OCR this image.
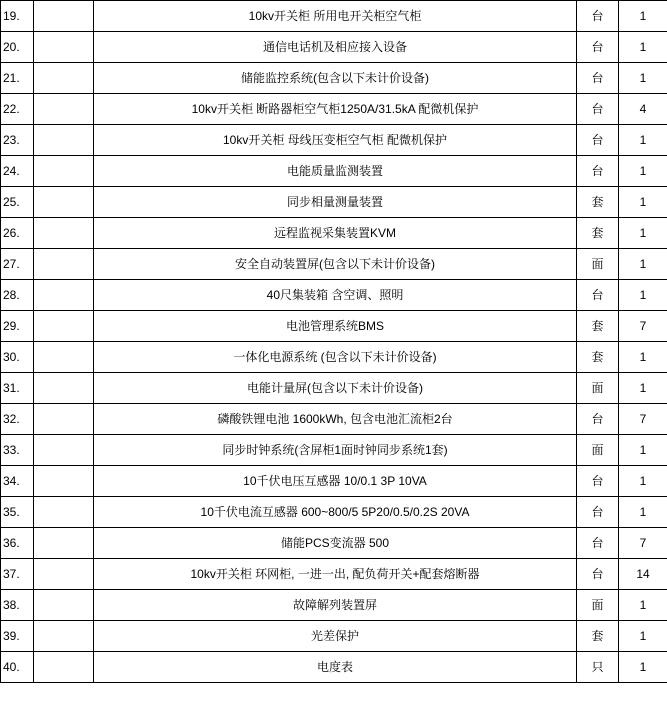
19.		10kv开关柜 所用电开关柜空气柜	台	1
20.		通信电话机及相应接入设备	台	1
21.		储能监控系统(包含以下未计价设备)	台	1
22.		10kv开关柜 断路器柜空气柜1250A/31.5kA 配微机保护	台	4
23.		10kv开关柜 母线压变柜空气柜 配微机保护	台	1
24.		电能质量监测装置	台	1
25.		同步相量测量装置	套	1
26.		远程监视采集装置KVM	套	1
27.		安全自动装置屏(包含以下未计价设备)	面	1
28.		40尺集装箱 含空调、照明	台	1
29.		电池管理系统BMS	套	7
30.		一体化电源系统 (包含以下未计价设备)	套	1
31.		电能计量屏(包含以下未计价设备)	面	1
32.		磷酸铁锂电池 1600kWh, 包含电池汇流柜2台	台	7
33.		同步时钟系统(含屏柜1面时钟同步系统1套)	面	1
34.		10千伏电压互感器 10/0.1 3P 10VA	台	1
35.		10千伏电流互感器 600~800/5 5P20/0.5/0.2S 20VA	台	1
36.		储能PCS变流器 500	台	7
37.		10kv开关柜 环网柜, 一进一出, 配负荷开关+配套熔断器	台	14
38.		故障解列装置屏	面	1
39.		光差保护	套	1
40.		电度表	只	1
